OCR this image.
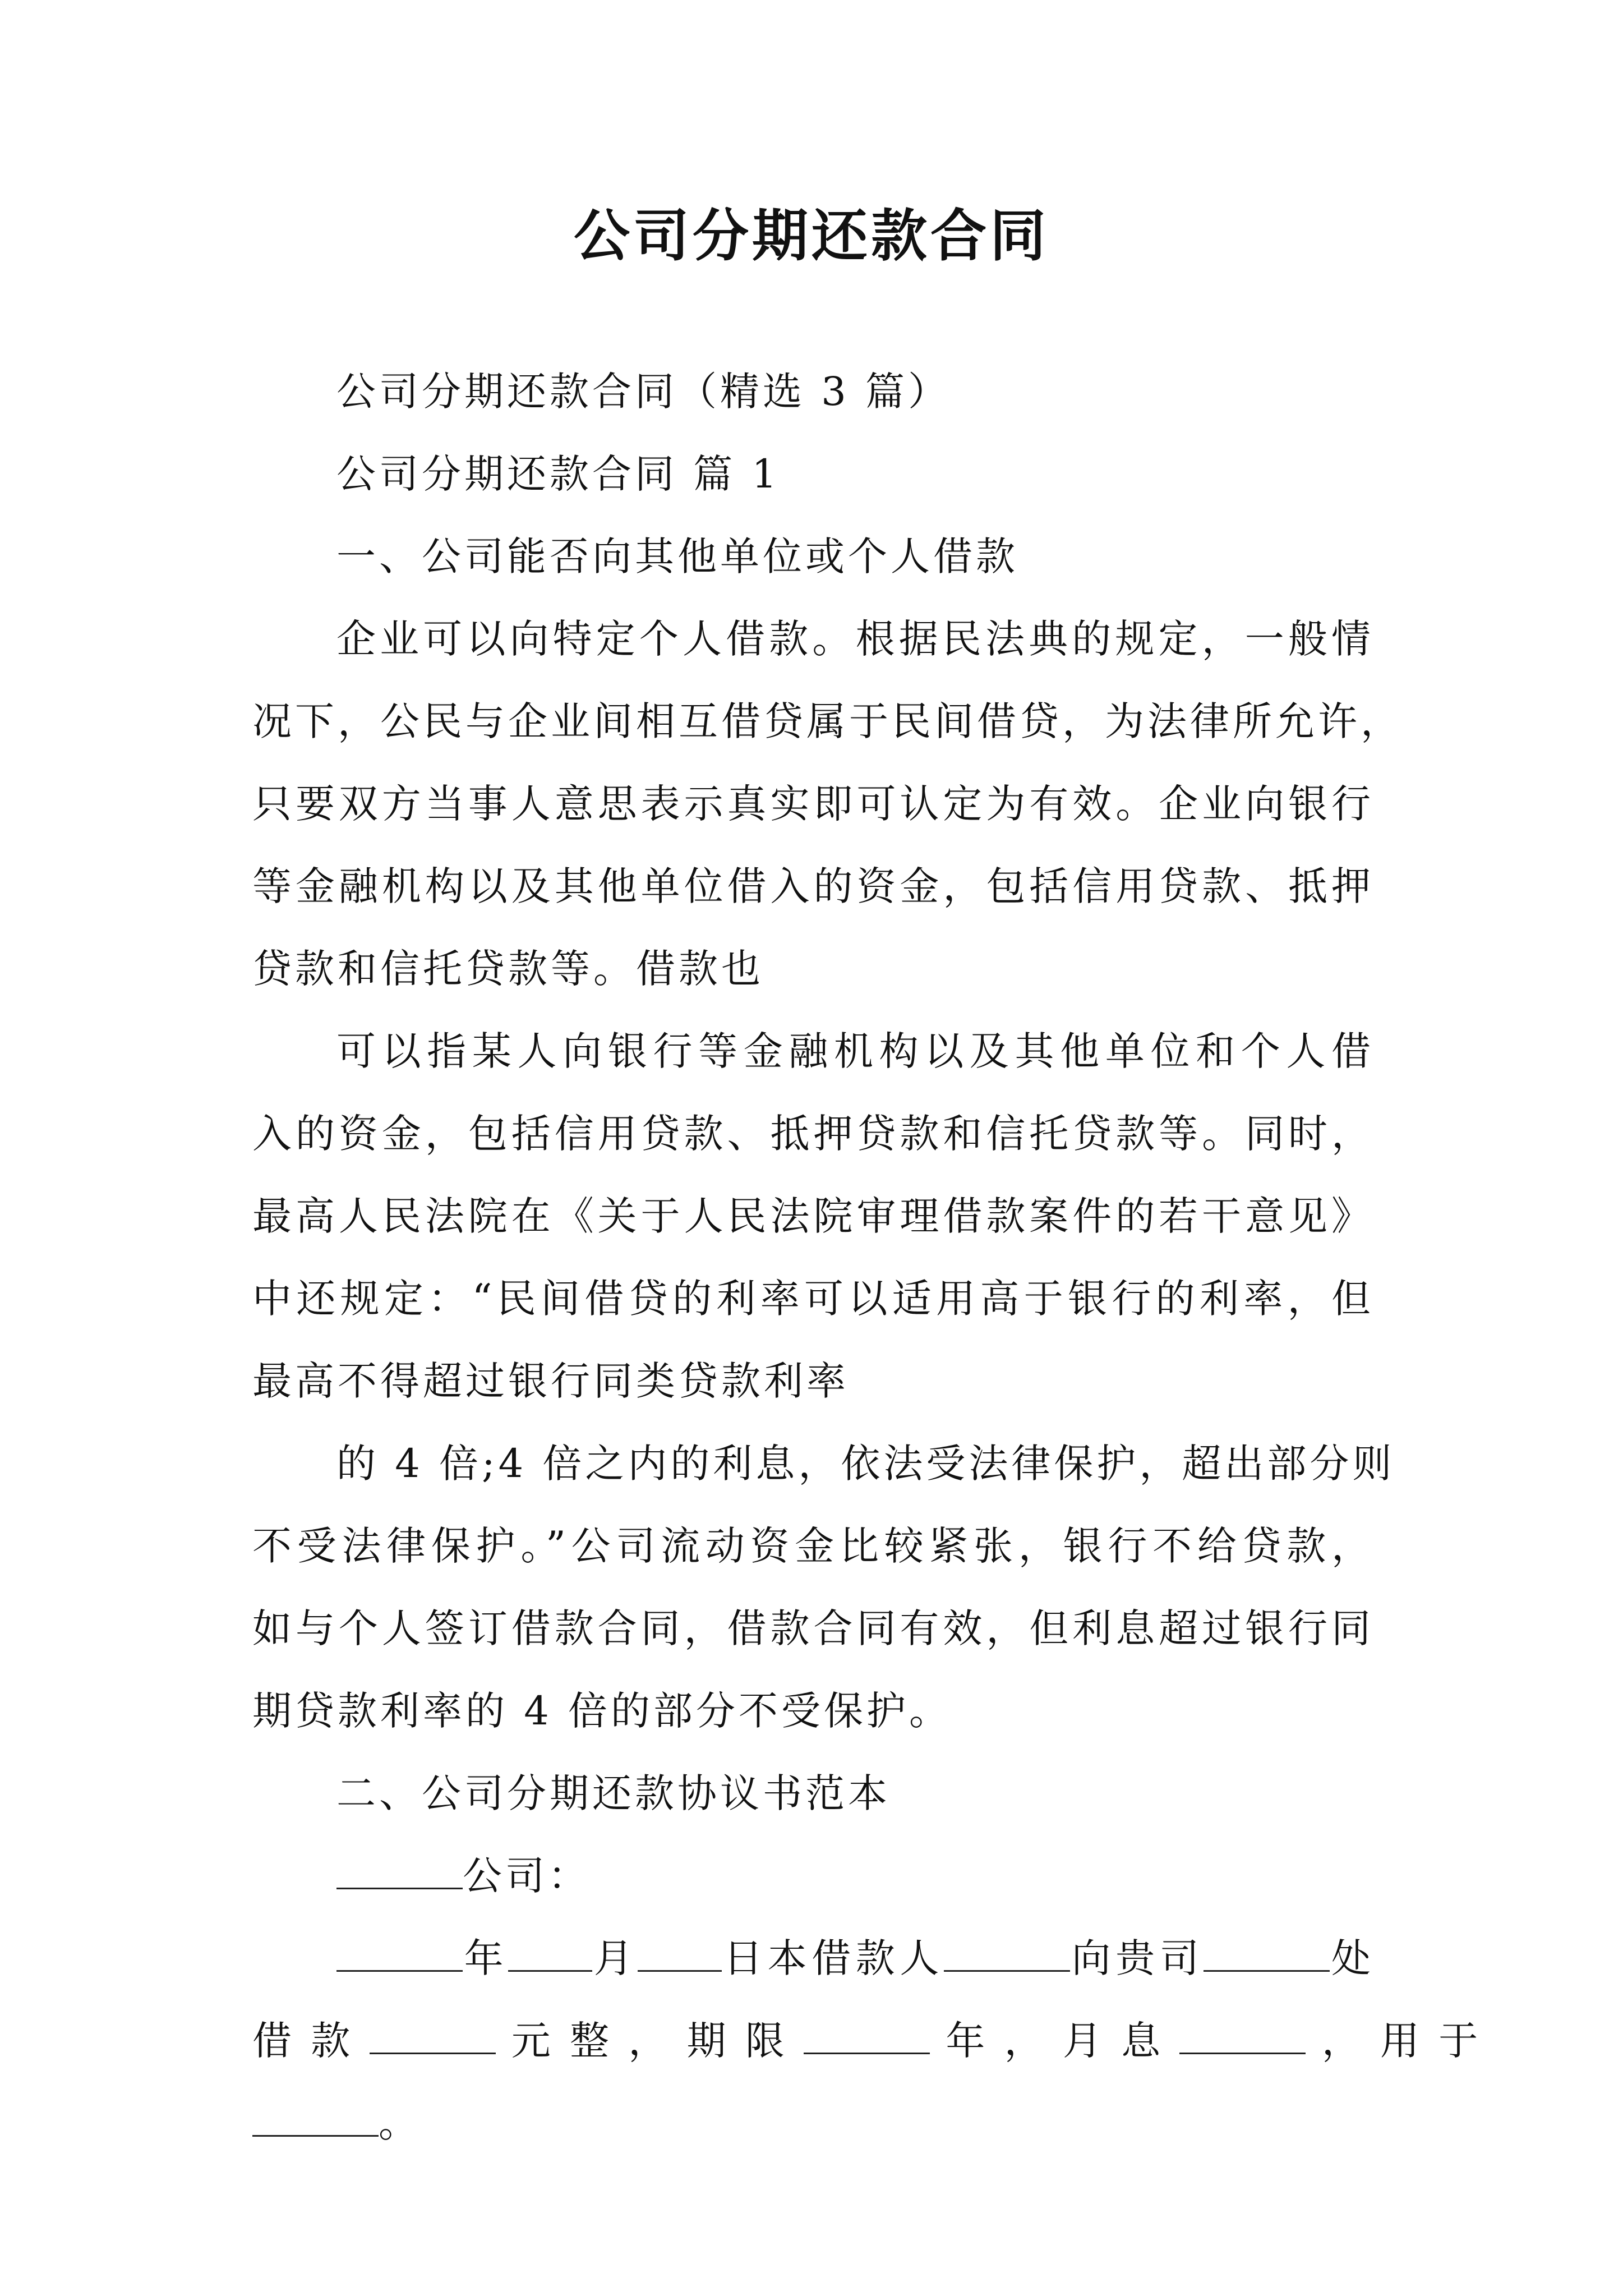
公司分期还款合同
公司分期还款合同（精选 3 篇）
公司分期还款合同 篇 1
一、公司能否向其他单位或个人借款
企业可以向特定个人借款。根据民法典的规定，一般情
况下，公民与企业间相互借贷属于民间借贷，为法律所允许，
只要双方当事人意思表示真实即可认定为有效。企业向银行
等金融机构以及其他单位借入的资金，包括信用贷款、抵押
贷款和信托贷款等。借款也
可以指某人向银行等金融机构以及其他单位和个人借
入的资金，包括信用贷款、抵押贷款和信托贷款等。同时，
最高人民法院在《关于人民法院审理借款案件的若干意见》
中还规定：“民间借贷的利率可以适用高于银行的利率，但
最高不得超过银行同类贷款利率
的 4 倍;4 倍之内的利息，依法受法律保护，超出部分则
不受法律保护。”公司流动资金比较紧张，银行不给贷款，
如与个人签订借款合同，借款合同有效，但利息超过银行同
期贷款利率的 4 倍的部分不受保护。
二、公司分期还款协议书范本
公司：
年 月 日本借款人	向贵司	处
借 款	元 整 ， 期 限	年 ， 月 息	， 用 于
。
